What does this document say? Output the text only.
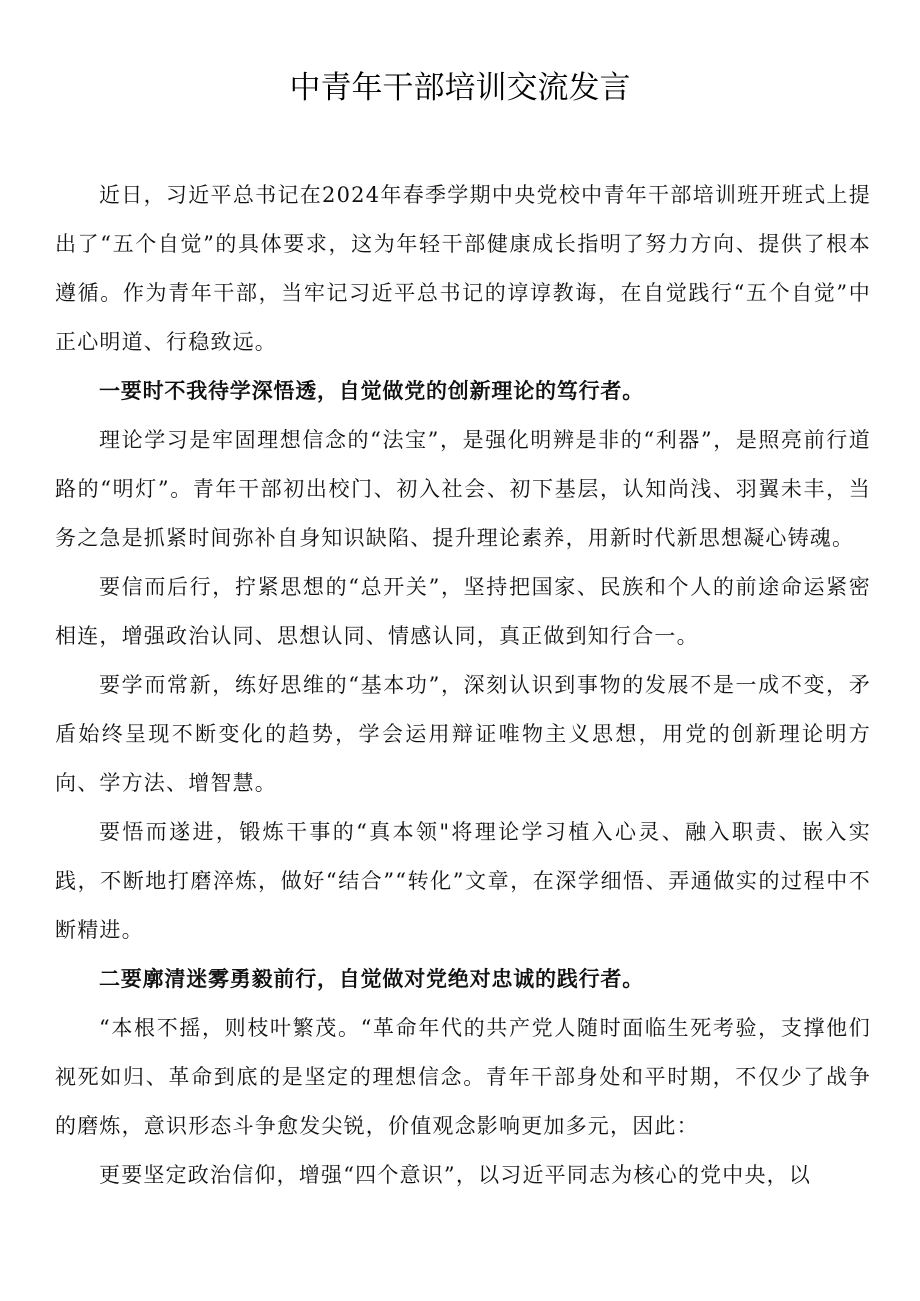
中青年干部培训交流发言

近日，习近平总书记在2024年春季学期中央党校中青年干部培训班开班式上提出了“五个自觉”的具体要求，这为年轻干部健康成长指明了努力方向、提供了根本遵循。作为青年干部，当牢记习近平总书记的谆谆教诲，在自觉践行“五个自觉”中正心明道、行稳致远。

一要时不我待学深悟透，自觉做党的创新理论的笃行者。

理论学习是牢固理想信念的“法宝”，是强化明辨是非的“利器”，是照亮前行道路的“明灯”。青年干部初出校门、初入社会、初下基层，认知尚浅、羽翼未丰，当务之急是抓紧时间弥补自身知识缺陷、提升理论素养，用新时代新思想凝心铸魂。

要信而后行，拧紧思想的“总开关”，坚持把国家、民族和个人的前途命运紧密相连，增强政治认同、思想认同、情感认同，真正做到知行合一。

要学而常新，练好思维的“基本功”，深刻认识到事物的发展不是一成不变，矛盾始终呈现不断变化的趋势，学会运用辩证唯物主义思想，用党的创新理论明方向、学方法、增智慧。

要悟而遂进，锻炼干事的“真本领"将理论学习植入心灵、融入职责、嵌入实践，不断地打磨淬炼，做好“结合”“转化”文章，在深学细悟、弄通做实的过程中不断精进。

二要廓清迷雾勇毅前行，自觉做对党绝对忠诚的践行者。

“本根不摇，则枝叶繁茂。“革命年代的共产党人随时面临生死考验，支撑他们视死如归、革命到底的是坚定的理想信念。青年干部身处和平时期，不仅少了战争的磨炼，意识形态斗争愈发尖锐，价值观念影响更加多元，因此：

更要坚定政治信仰，增强“四个意识”，以习近平同志为核心的党中央，以
